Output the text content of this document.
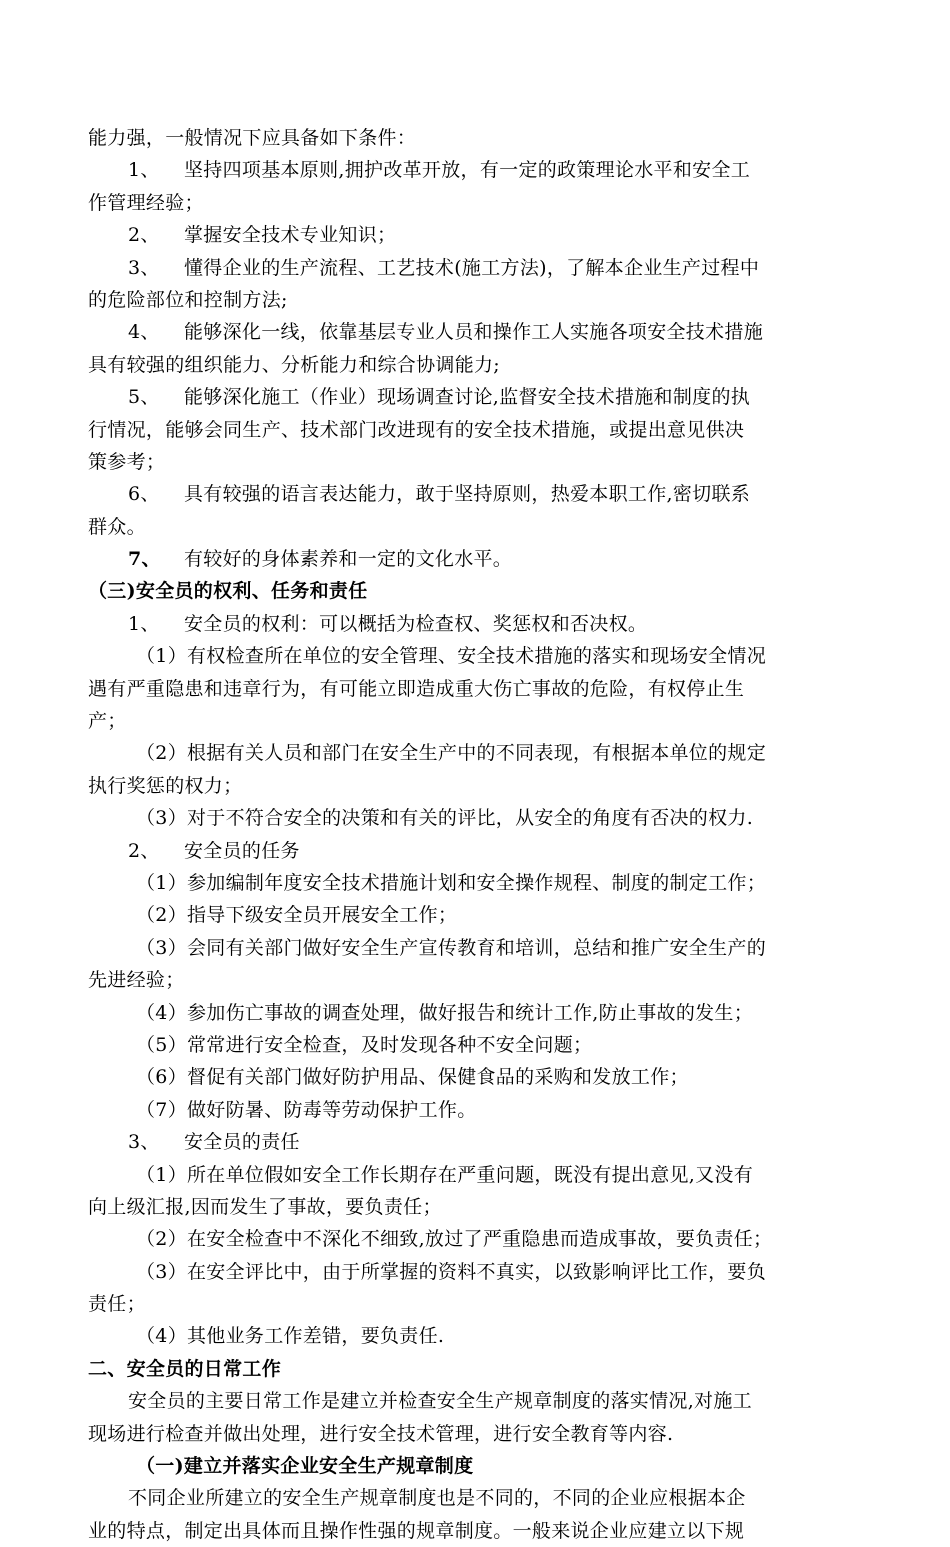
能力强，一般情况下应具备如下条件：
1、 坚持四项基本原则,拥护改革开放，有一定的政策理论水平和安全工
作管理经验；
2、 掌握安全技术专业知识；
3、 懂得企业的生产流程、工艺技术(施工方法)，了解本企业生产过程中
的危险部位和控制方法;
4、 能够深化一线，依靠基层专业人员和操作工人实施各项安全技术措施
具有较强的组织能力、分析能力和综合协调能力;
5、 能够深化施工（作业）现场调查讨论,监督安全技术措施和制度的执
行情况，能够会同生产、技术部门改进现有的安全技术措施，或提出意见供决
策参考；
6、 具有较强的语言表达能力，敢于坚持原则，热爱本职工作,密切联系
群众。
7、 有较好的身体素养和一定的文化水平。
（三)安全员的权利、任务和责任
1、 安全员的权利：可以概括为检查权、奖惩权和否决权。
（1）有权检查所在单位的安全管理、安全技术措施的落实和现场安全情况
遇有严重隐患和违章行为，有可能立即造成重大伤亡事故的危险，有权停止生
产；
（2）根据有关人员和部门在安全生产中的不同表现，有根据本单位的规定
执行奖惩的权力；
（3）对于不符合安全的决策和有关的评比，从安全的角度有否决的权力.
2、 安全员的任务
（1）参加编制年度安全技术措施计划和安全操作规程、制度的制定工作；
（2）指导下级安全员开展安全工作；
（3）会同有关部门做好安全生产宣传教育和培训，总结和推广安全生产的
先进经验；
（4）参加伤亡事故的调查处理，做好报告和统计工作,防止事故的发生；
（5）常常进行安全检查，及时发现各种不安全问题；
（6）督促有关部门做好防护用品、保健食品的采购和发放工作；
（7）做好防暑、防毒等劳动保护工作。
3、 安全员的责任
（1）所在单位假如安全工作长期存在严重问题，既没有提出意见,又没有
向上级汇报,因而发生了事故，要负责任；
（2）在安全检查中不深化不细致,放过了严重隐患而造成事故，要负责任；
（3）在安全评比中，由于所掌握的资料不真实，以致影响评比工作，要负
责任；
（4）其他业务工作差错，要负责任.
二、安全员的日常工作
安全员的主要日常工作是建立并检查安全生产规章制度的落实情况,对施工
现场进行检查并做出处理，进行安全技术管理，进行安全教育等内容.
（一)建立并落实企业安全生产规章制度
不同企业所建立的安全生产规章制度也是不同的，不同的企业应根据本企
业的特点，制定出具体而且操作性强的规章制度。一般来说企业应建立以下规
